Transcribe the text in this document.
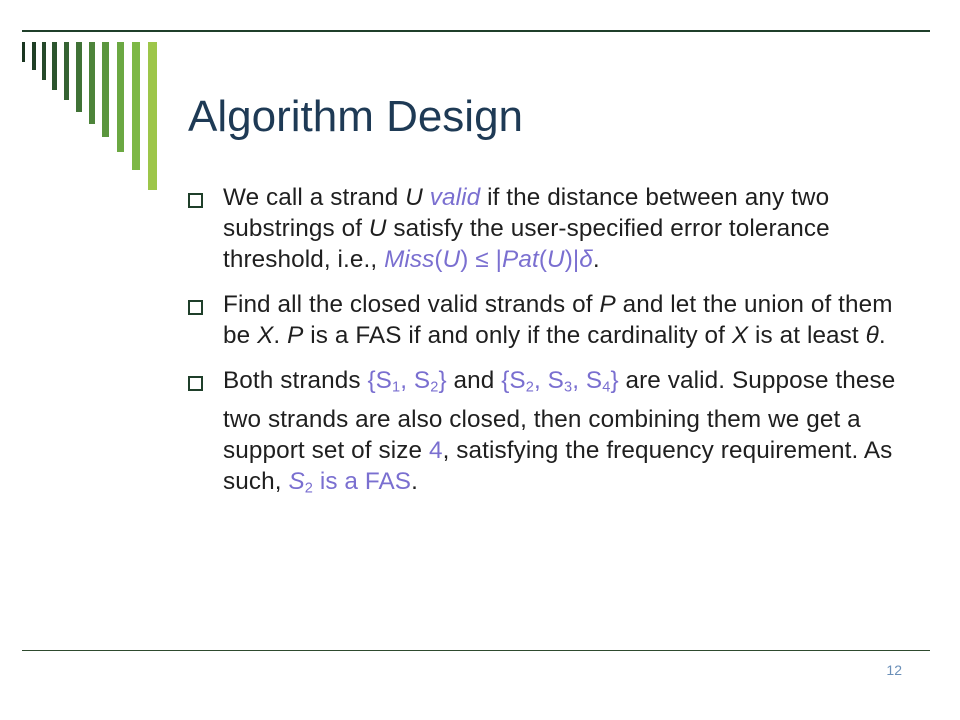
Algorithm Design
We call a strand U valid if the distance between any two substrings of U satisfy the user-specified error tolerance threshold, i.e., Miss(U) ≤ |Pat(U)|δ.
Find all the closed valid strands of P and let the union of them be X. P is a FAS if and only if the cardinality of X is at least θ.
Both strands {$S_1$, $S_2$} and {$S_2$, $S_3$, $S_4$} are valid. Suppose these two strands are also closed, then combining them we get a support set of size 4, satisfying the frequency requirement. As such, $S_2$ is a FAS.
12
